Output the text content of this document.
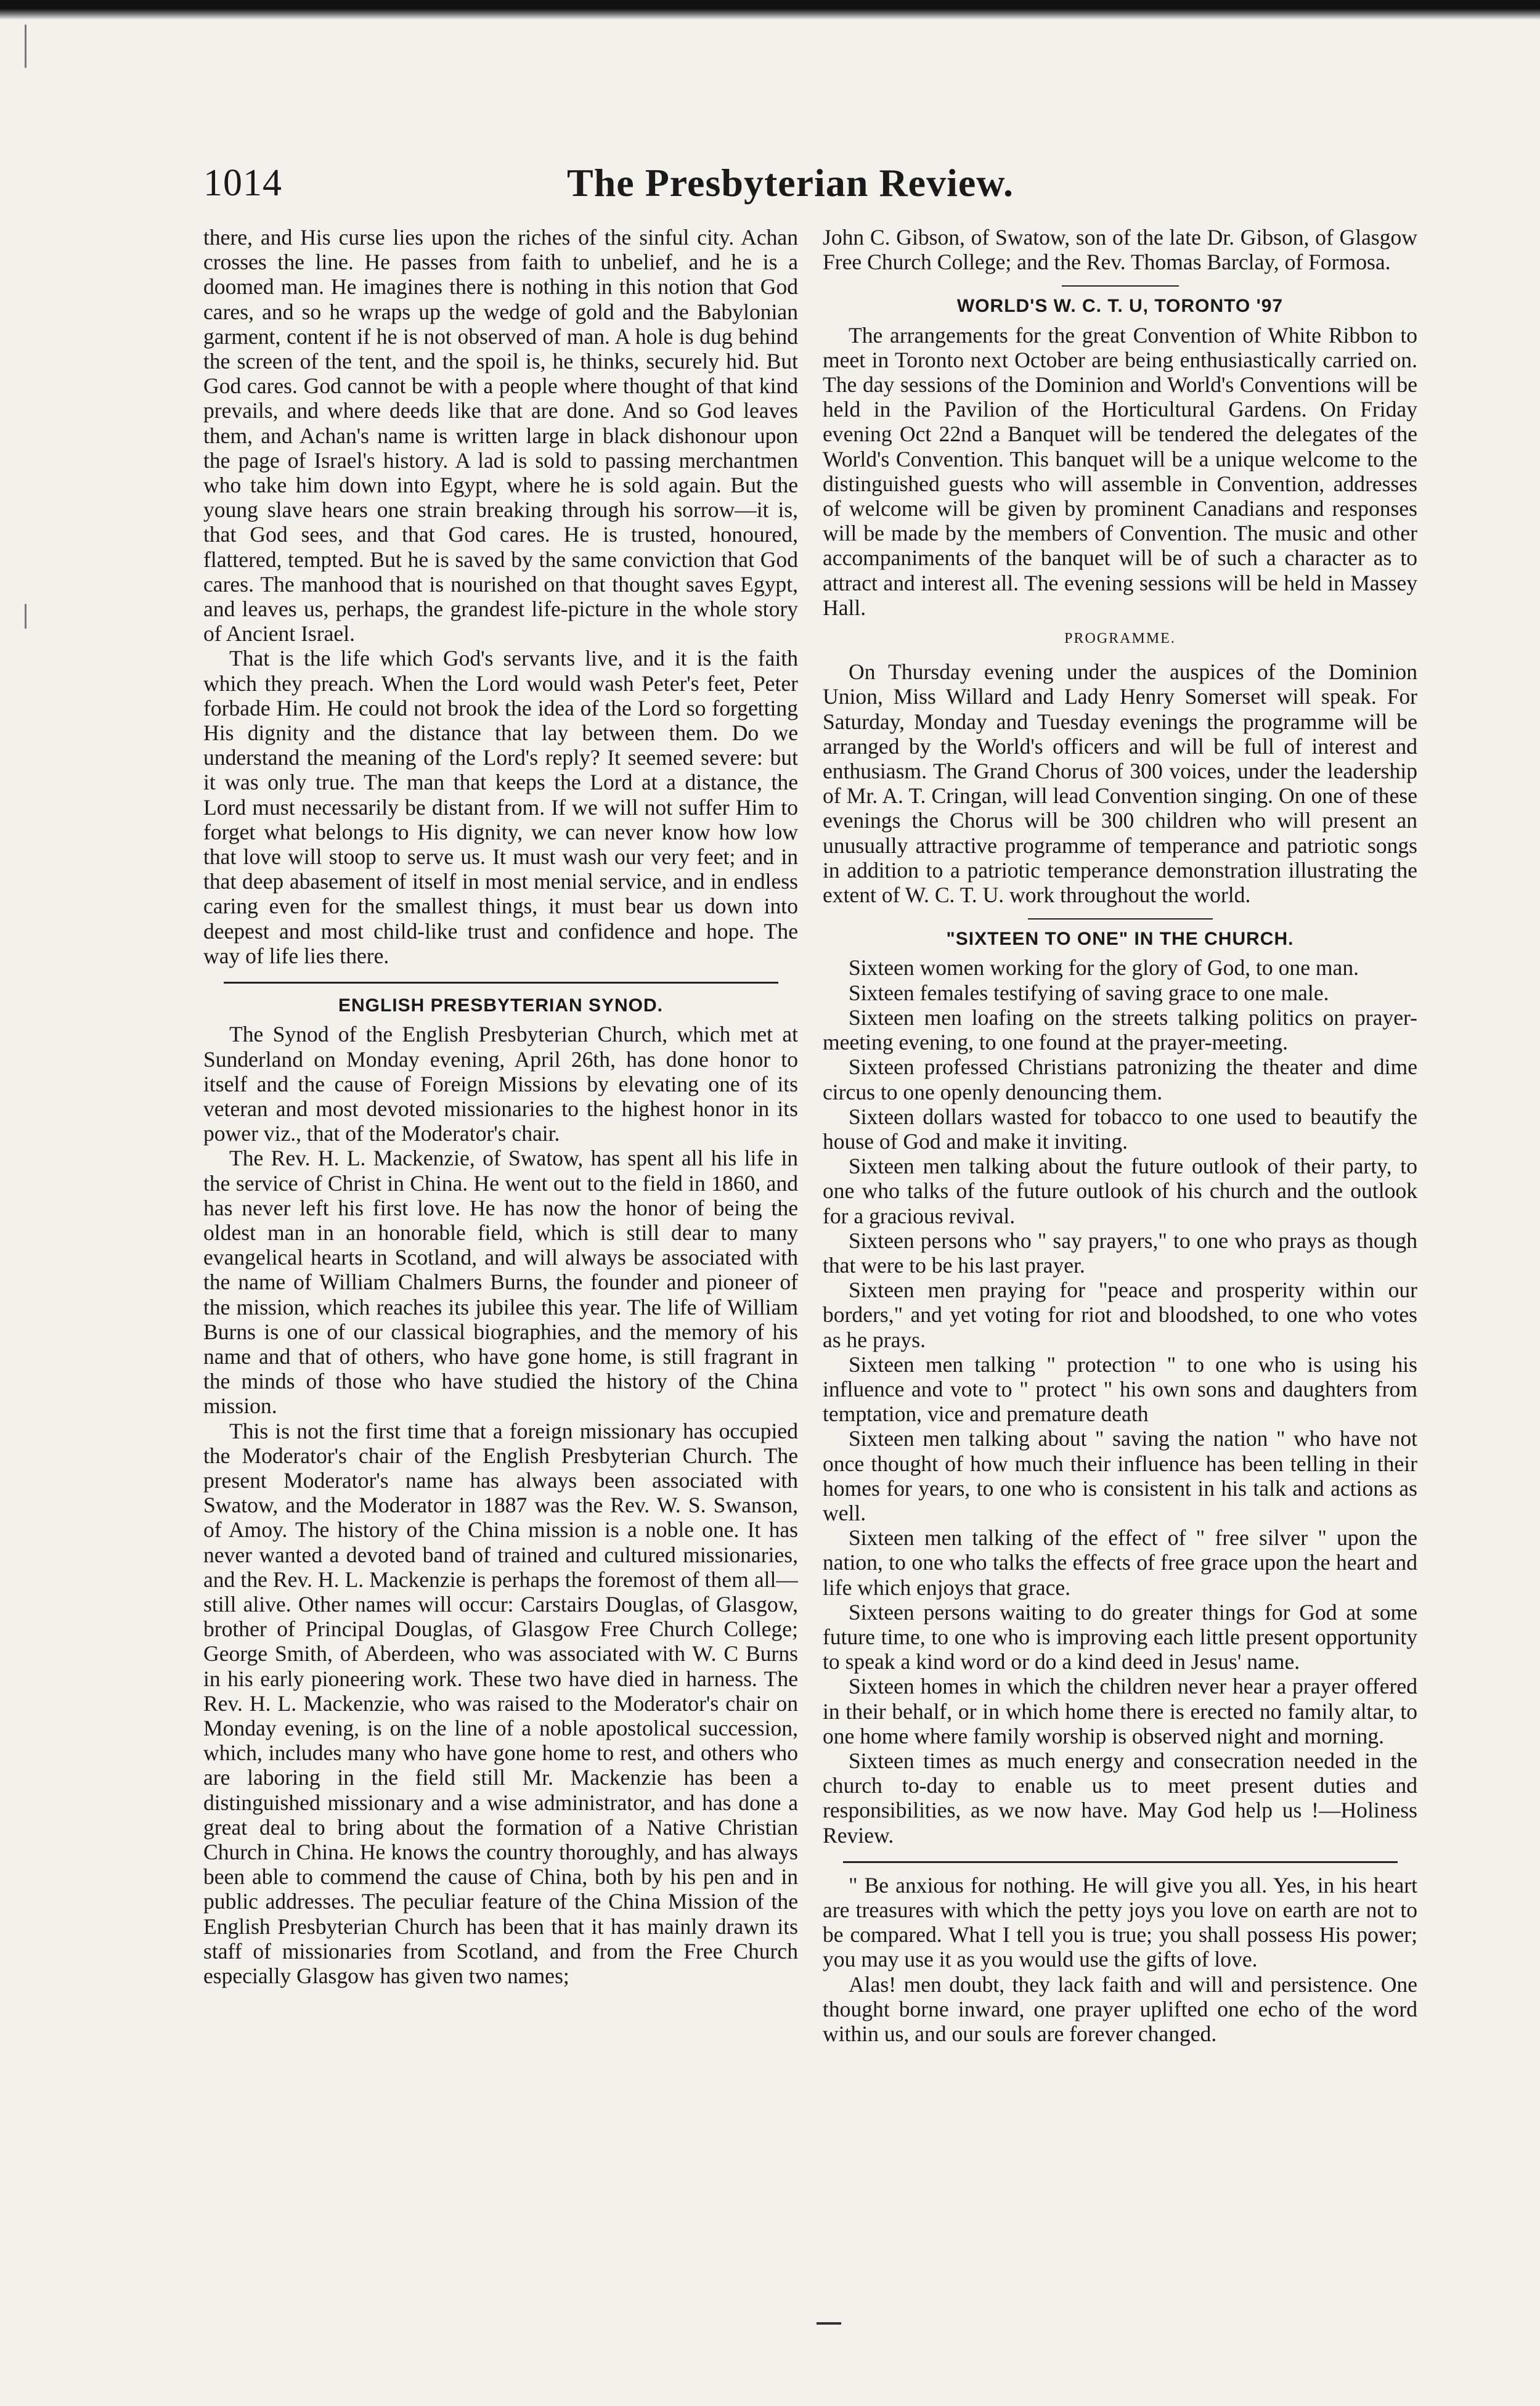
1014	The Presbyterian Review.

there, and His curse lies upon the riches of the sinful city. Achan crosses the line. He passes from faith to unbelief, and he is a doomed man. He imagines there is nothing in this notion that God cares, and so he wraps up the wedge of gold and the Babylonian garment, content if he is not observed of man. A hole is dug behind the screen of the tent, and the spoil is, he thinks, securely hid. But God cares. God cannot be with a people where thought of that kind prevails, and where deeds like that are done. And so God leaves them, and Achan's name is written large in black dishonour upon the page of Israel's history. A lad is sold to passing merchantmen who take him down into Egypt, where he is sold again. But the young slave hears one strain breaking through his sorrow—it is, that God sees, and that God cares. He is trusted, honoured, flattered, tempted. But he is saved by the same conviction that God cares. The manhood that is nourished on that thought saves Egypt, and leaves us, perhaps, the grandest life-picture in the whole story of Ancient Israel.

That is the life which God's servants live, and it is the faith which they preach. When the Lord would wash Peter's feet, Peter forbade Him. He could not brook the idea of the Lord so forgetting His dignity and the distance that lay between them. Do we understand the meaning of the Lord's reply? It seemed severe: but it was only true. The man that keeps the Lord at a distance, the Lord must necessarily be distant from. If we will not suffer Him to forget what belongs to His dignity, we can never know how low that love will stoop to serve us. It must wash our very feet; and in that deep abasement of itself in most menial service, and in endless caring even for the smallest things, it must bear us down into deepest and most child-like trust and confidence and hope. The way of life lies there.

ENGLISH PRESBYTERIAN SYNOD.

The Synod of the English Presbyterian Church, which met at Sunderland on Monday evening, April 26th, has done honor to itself and the cause of Foreign Missions by elevating one of its veteran and most devoted missionaries to the highest honor in its power viz., that of the Moderator's chair.

The Rev. H. L. Mackenzie, of Swatow, has spent all his life in the service of Christ in China. He went out to the field in 1860, and has never left his first love. He has now the honor of being the oldest man in an honorable field, which is still dear to many evangelical hearts in Scotland, and will always be associated with the name of William Chalmers Burns, the founder and pioneer of the mission, which reaches its jubilee this year. The life of William Burns is one of our classical biographies, and the memory of his name and that of others, who have gone home, is still fragrant in the minds of those who have studied the history of the China mission.

This is not the first time that a foreign missionary has occupied the Moderator's chair of the English Presbyterian Church. The present Moderator's name has always been associated with Swatow, and the Moderator in 1887 was the Rev. W. S. Swanson, of Amoy. The history of the China mission is a noble one. It has never wanted a devoted band of trained and cultured missionaries, and the Rev. H. L. Mackenzie is perhaps the foremost of them all—still alive. Other names will occur: Carstairs Douglas, of Glasgow, brother of Principal Douglas, of Glasgow Free Church College; George Smith, of Aberdeen, who was associated with W. C Burns in his early pioneering work. These two have died in harness. The Rev. H. L. Mackenzie, who was raised to the Moderator's chair on Monday evening, is on the line of a noble apostolical succession, which, includes many who have gone home to rest, and others who are laboring in the field still Mr. Mackenzie has been a distinguished missionary and a wise administrator, and has done a great deal to bring about the formation of a Native Christian Church in China. He knows the country thoroughly, and has always been able to commend the cause of China, both by his pen and in public addresses. The peculiar feature of the China Mission of the English Presbyterian Church has been that it has mainly drawn its staff of missionaries from Scotland, and from the Free Church especially Glasgow has given two names;

John C. Gibson, of Swatow, son of the late Dr. Gibson, of Glasgow Free Church College; and the Rev. Thomas Barclay, of Formosa.

WORLD'S W. C. T. U, TORONTO '97

The arrangements for the great Convention of White Ribbon to meet in Toronto next October are being enthusiastically carried on. The day sessions of the Dominion and World's Conventions will be held in the Pavilion of the Horticultural Gardens. On Friday evening Oct 22nd a Banquet will be tendered the delegates of the World's Convention. This banquet will be a unique welcome to the distinguished guests who will assemble in Convention, addresses of welcome will be given by prominent Canadians and responses will be made by the members of Convention. The music and other accompaniments of the banquet will be of such a character as to attract and interest all. The evening sessions will be held in Massey Hall.

PROGRAMME.

On Thursday evening under the auspices of the Dominion Union, Miss Willard and Lady Henry Somerset will speak. For Saturday, Monday and Tuesday evenings the programme will be arranged by the World's officers and will be full of interest and enthusiasm. The Grand Chorus of 300 voices, under the leadership of Mr. A. T. Cringan, will lead Convention singing. On one of these evenings the Chorus will be 300 children who will present an unusually attractive programme of temperance and patriotic songs in addition to a patriotic temperance demonstration illustrating the extent of W. C. T. U. work throughout the world.

"SIXTEEN TO ONE" IN THE CHURCH.

Sixteen women working for the glory of God, to one man.

Sixteen females testifying of saving grace to one male.

Sixteen men loafing on the streets talking politics on prayer-meeting evening, to one found at the prayer-meeting.

Sixteen professed Christians patronizing the theater and dime circus to one openly denouncing them.

Sixteen dollars wasted for tobacco to one used to beautify the house of God and make it inviting.

Sixteen men talking about the future outlook of their party, to one who talks of the future outlook of his church and the outlook for a gracious revival.

Sixteen persons who " say prayers," to one who prays as though that were to be his last prayer.

Sixteen men praying for "peace and prosperity within our borders," and yet voting for riot and bloodshed, to one who votes as he prays.

Sixteen men talking " protection " to one who is using his influence and vote to " protect " his own sons and daughters from temptation, vice and premature death

Sixteen men talking about " saving the nation " who have not once thought of how much their influence has been telling in their homes for years, to one who is consistent in his talk and actions as well.

Sixteen men talking of the effect of " free silver " upon the nation, to one who talks the effects of free grace upon the heart and life which enjoys that grace.

Sixteen persons waiting to do greater things for God at some future time, to one who is improving each little present opportunity to speak a kind word or do a kind deed in Jesus' name.

Sixteen homes in which the children never hear a prayer offered in their behalf, or in which home there is erected no family altar, to one home where family worship is observed night and morning.

Sixteen times as much energy and consecration needed in the church to-day to enable us to meet present duties and responsibilities, as we now have. May God help us !—Holiness Review.

" Be anxious for nothing. He will give you all. Yes, in his heart are treasures with which the petty joys you love on earth are not to be compared. What I tell you is true; you shall possess His power; you may use it as you would use the gifts of love.

Alas! men doubt, they lack faith and will and persistence. One thought borne inward, one prayer uplifted one echo of the word within us, and our souls are forever changed.
